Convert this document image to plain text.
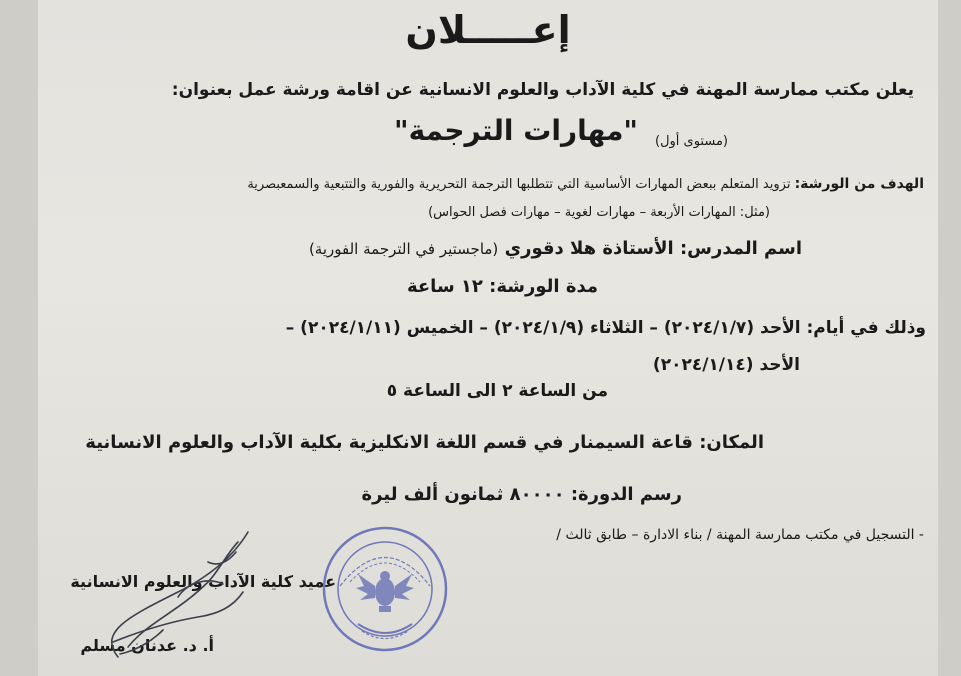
إعـــــلان
يعلن مكتب ممارسة المهنة في كلية الآداب والعلوم الانسانية عن اقامة ورشة عمل بعنوان:
"مهارات الترجمة" (مستوى أول)
الهدف من الورشة: تزويد المتعلم ببعض المهارات الأساسية التي تتطلبها الترجمة التحريرية والفورية والتتبعية والسمعبصرية
(مثل: المهارات الأربعة – مهارات لغوية – مهارات فصل الحواس)
اسم المدرس: الأستاذة هلا دقوري (ماجستير في الترجمة الفورية)
مدة الورشة: ١٢ ساعة
وذلك في أيام: الأحد (٢٠٢٤/١/٧) – الثلاثاء (٢٠٢٤/١/٩) – الخميس (٢٠٢٤/١/١١) –
الأحد (٢٠٢٤/١/١٤)
من الساعة ٢ الى الساعة ٥
المكان: قاعة السيمنار في قسم اللغة الانكليزية بكلية الآداب والعلوم الانسانية
رسم الدورة: ٨٠٠٠٠ ثمانون ألف ليرة
- التسجيل في مكتب ممارسة المهنة / بناء الادارة – طابق ثالث /
عميد كلية الآداب والعلوم الانسانية
أ. د. عدنان مسلم
